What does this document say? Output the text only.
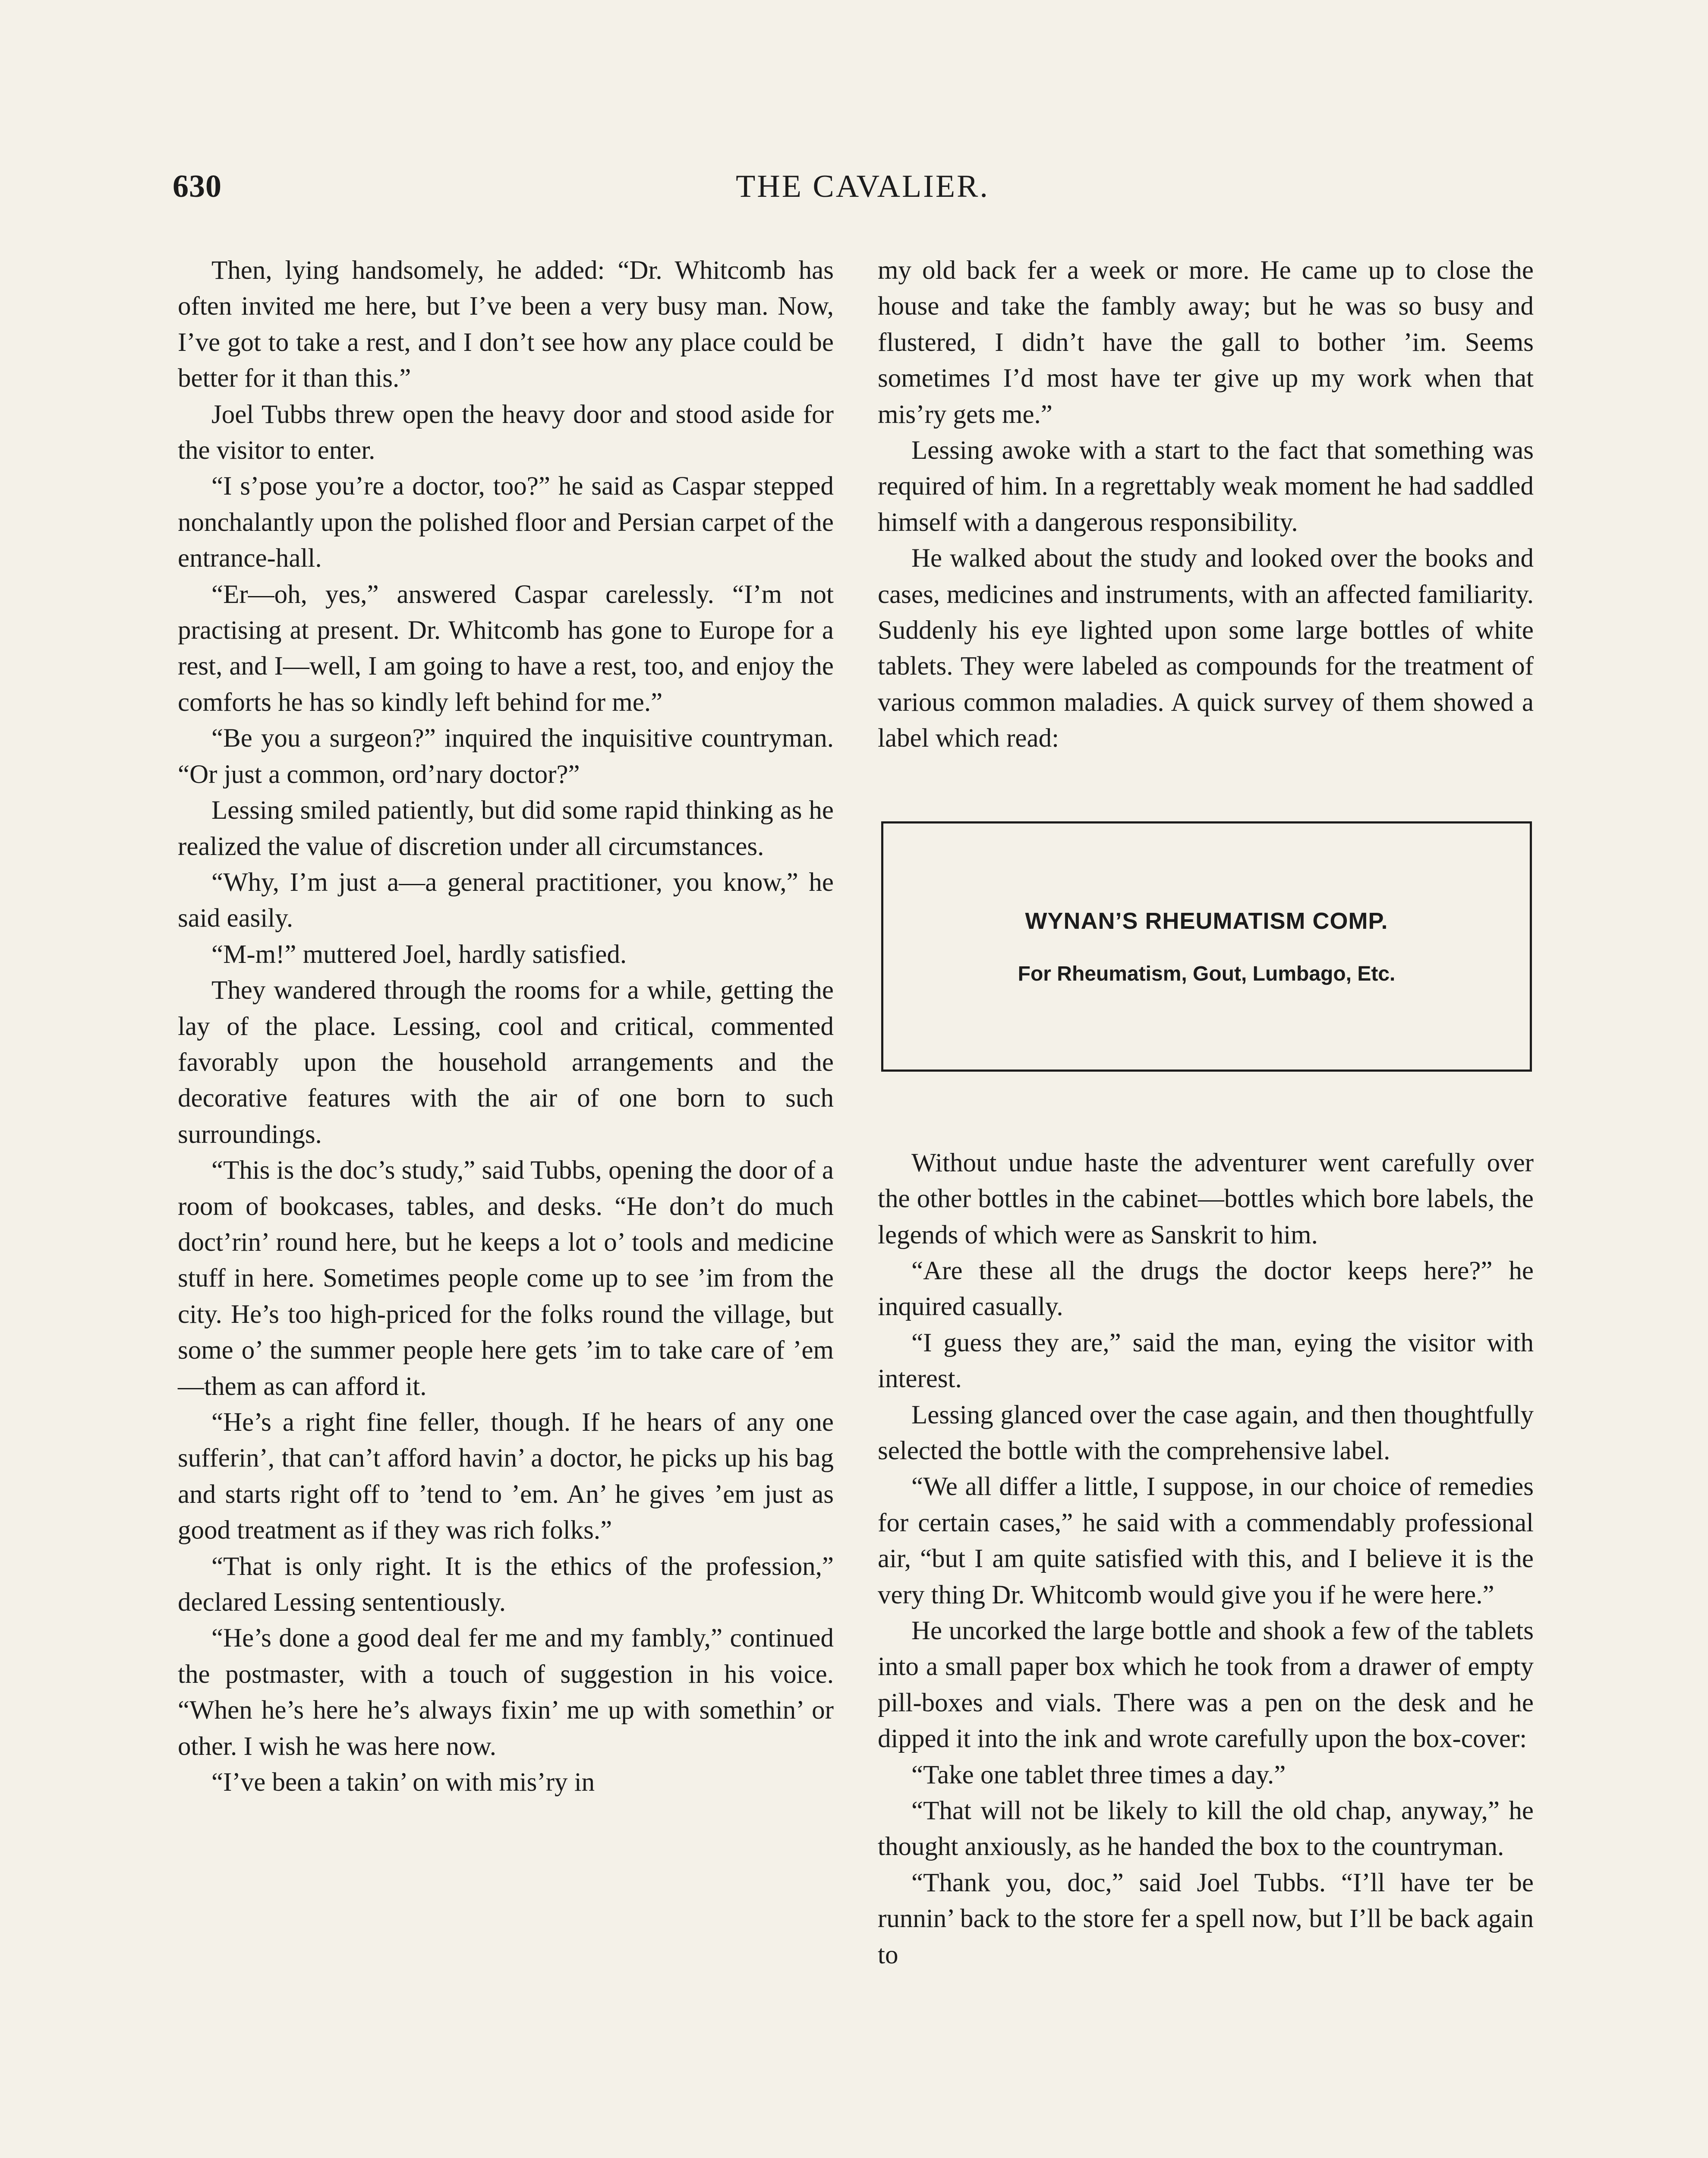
630	THE CAVALIER.

Then, lying handsomely, he added: “Dr. Whitcomb has often invited me here, but I’ve been a very busy man. Now, I’ve got to take a rest, and I don’t see how any place could be better for it than this.”

Joel Tubbs threw open the heavy door and stood aside for the visitor to enter.

“I s’pose you’re a doctor, too?” he said as Caspar stepped nonchalantly upon the polished floor and Persian carpet of the entrance-hall.

“Er—oh, yes,” answered Caspar carelessly. “I’m not practising at present. Dr. Whitcomb has gone to Europe for a rest, and I—well, I am going to have a rest, too, and enjoy the comforts he has so kindly left behind for me.”

“Be you a surgeon?” inquired the inquisitive countryman. “Or just a common, ord’nary doctor?”

Lessing smiled patiently, but did some rapid thinking as he realized the value of discretion under all circumstances.

“Why, I’m just a—a general practitioner, you know,” he said easily.

“M-m!” muttered Joel, hardly satisfied.

They wandered through the rooms for a while, getting the lay of the place. Lessing, cool and critical, commented favorably upon the household arrangements and the decorative features with the air of one born to such surroundings.

“This is the doc’s study,” said Tubbs, opening the door of a room of bookcases, tables, and desks. “He don’t do much doct’rin’ round here, but he keeps a lot o’ tools and medicine stuff in here. Sometimes people come up to see ’im from the city. He’s too high-priced for the folks round the village, but some o’ the summer people here gets ’im to take care of ’em—them as can afford it.

“He’s a right fine feller, though. If he hears of any one sufferin’, that can’t afford havin’ a doctor, he picks up his bag and starts right off to ’tend to ’em. An’ he gives ’em just as good treatment as if they was rich folks.”

“That is only right. It is the ethics of the profession,” declared Lessing sententiously.

“He’s done a good deal fer me and my fambly,” continued the postmaster, with a touch of suggestion in his voice. “When he’s here he’s always fixin’ me up with somethin’ or other. I wish he was here now.

“I’ve been a takin’ on with mis’ry in

my old back fer a week or more. He came up to close the house and take the fambly away; but he was so busy and flustered, I didn’t have the gall to bother ’im. Seems sometimes I’d most have ter give up my work when that mis’ry gets me.”

Lessing awoke with a start to the fact that something was required of him. In a regrettably weak moment he had saddled himself with a dangerous responsibility.

He walked about the study and looked over the books and cases, medicines and instruments, with an affected familiarity. Suddenly his eye lighted upon some large bottles of white tablets. They were labeled as compounds for the treatment of various common maladies. A quick survey of them showed a label which read:

WYNAN’S RHEUMATISM COMP.
For Rheumatism, Gout, Lumbago, Etc.

Without undue haste the adventurer went carefully over the other bottles in the cabinet—bottles which bore labels, the legends of which were as Sanskrit to him.

“Are these all the drugs the doctor keeps here?” he inquired casually.

“I guess they are,” said the man, eying the visitor with interest.

Lessing glanced over the case again, and then thoughtfully selected the bottle with the comprehensive label.

“We all differ a little, I suppose, in our choice of remedies for certain cases,” he said with a commendably professional air, “but I am quite satisfied with this, and I believe it is the very thing Dr. Whitcomb would give you if he were here.”

He uncorked the large bottle and shook a few of the tablets into a small paper box which he took from a drawer of empty pill-boxes and vials. There was a pen on the desk and he dipped it into the ink and wrote carefully upon the box-cover:

“Take one tablet three times a day.”

“That will not be likely to kill the old chap, anyway,” he thought anxiously, as he handed the box to the countryman.

“Thank you, doc,” said Joel Tubbs. “I’ll have ter be runnin’ back to the store fer a spell now, but I’ll be back again to
